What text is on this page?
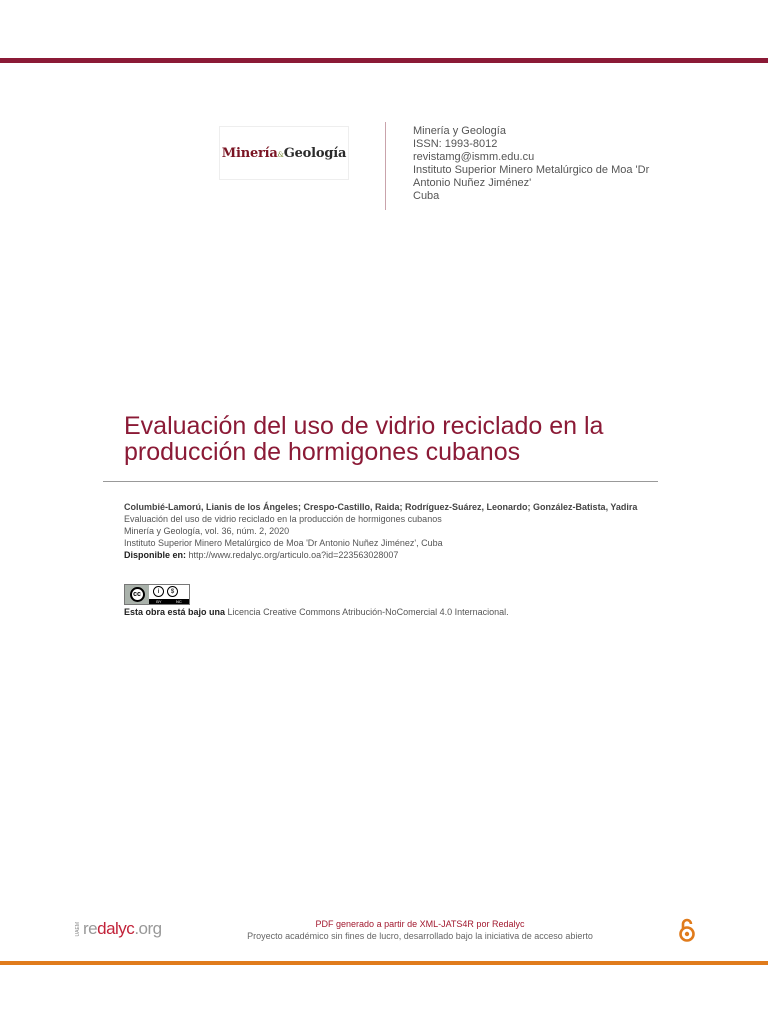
Minería&Geología
Minería y Geología
ISSN: 1993-8012
revistamg@ismm.edu.cu
Instituto Superior Minero Metalúrgico de Moa 'Dr Antonio Nuñez Jiménez'
Cuba
Evaluación del uso de vidrio reciclado en la producción de hormigones cubanos
Columbié-Lamorú, Lianis de los Ángeles; Crespo-Castillo, Raida; Rodríguez-Suárez, Leonardo; González-Batista, Yadira
Evaluación del uso de vidrio reciclado en la producción de hormigones cubanos
Minería y Geología, vol. 36, núm. 2, 2020
Instituto Superior Minero Metalúrgico de Moa 'Dr Antonio Nuñez Jiménez', Cuba
Disponible en: http://www.redalyc.org/articulo.oa?id=223563028007
cc	i	$
BY	NC
Esta obra está bajo una Licencia Creative Commons Atribución-NoComercial 4.0 Internacional.
UAEM redalyc.org	PDF generado a partir de XML-JATS4R por Redalyc
Proyecto académico sin fines de lucro, desarrollado bajo la iniciativa de acceso abierto
